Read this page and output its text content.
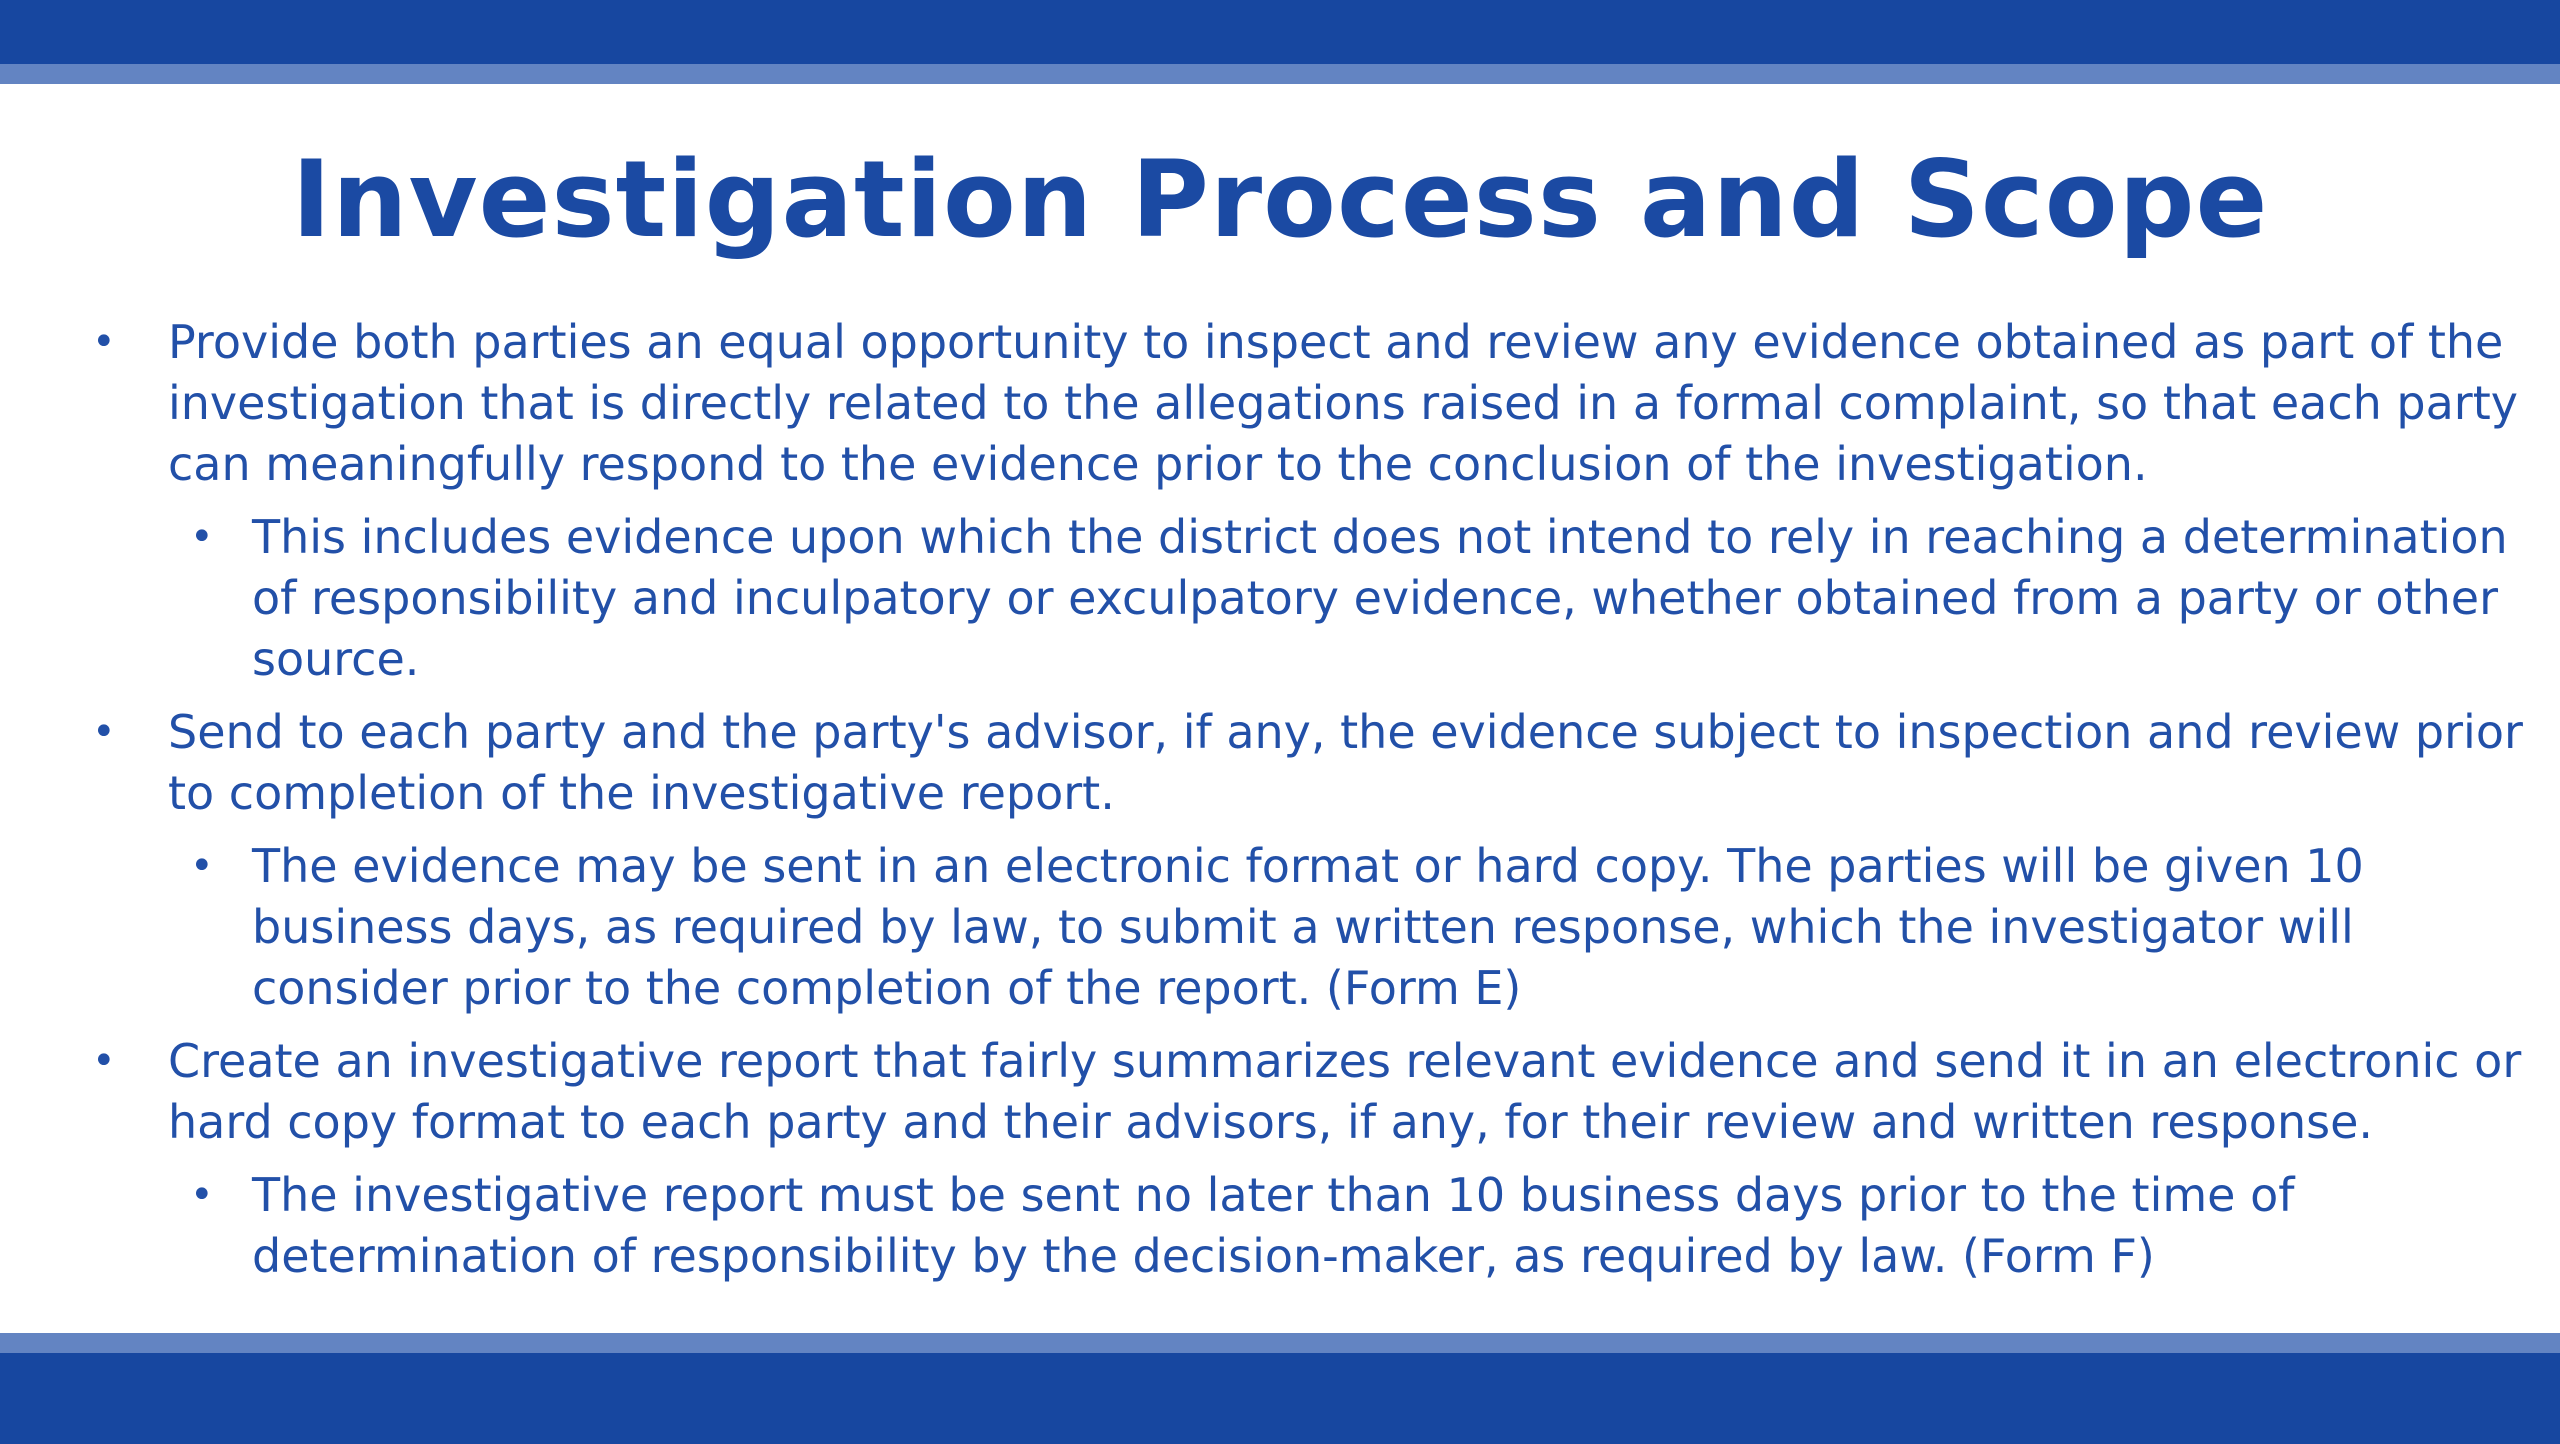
Investigation Process and Scope
• Provide both parties an equal opportunity to inspect and review any evidence obtained as part of the investigation that is directly related to the allegations raised in a formal complaint, so that each party can meaningfully respond to the evidence prior to the conclusion of the investigation.
• This includes evidence upon which the district does not intend to rely in reaching a determination of responsibility and inculpatory or exculpatory evidence, whether obtained from a party or other source.
• Send to each party and the party's advisor, if any, the evidence subject to inspection and review prior to completion of the investigative report.
• The evidence may be sent in an electronic format or hard copy. The parties will be given 10 business days, as required by law, to submit a written response, which the investigator will consider prior to the completion of the report. (Form E)
• Create an investigative report that fairly summarizes relevant evidence and send it in an electronic or hard copy format to each party and their advisors, if any, for their review and written response.
• The investigative report must be sent no later than 10 business days prior to the time of determination of responsibility by the decision-maker, as required by law. (Form F)
